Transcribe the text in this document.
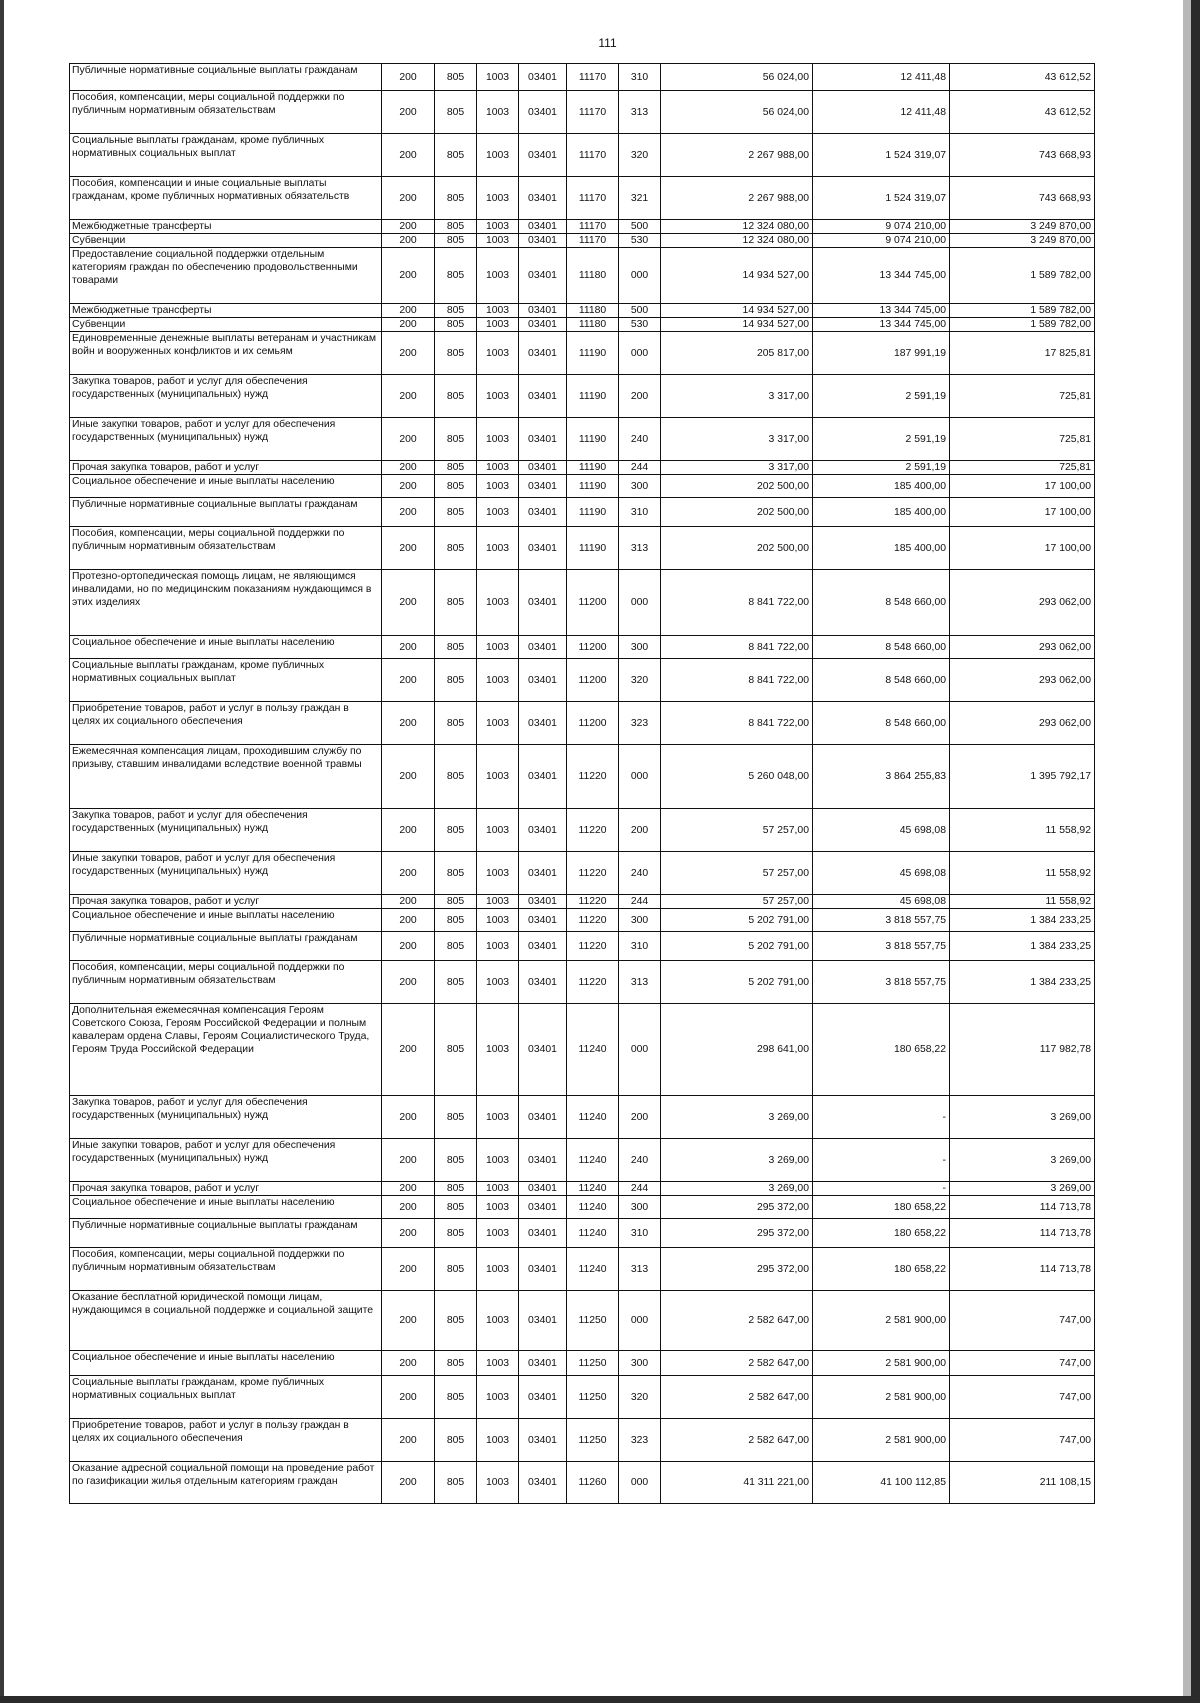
111
Публичные нормативные социальные выплаты гражданам	200	805	1003	03401	11170	310	56 024,00	12 411,48	43 612,52
Пособия, компенсации, меры социальной поддержки по публичным нормативным обязательствам	200	805	1003	03401	11170	313	56 024,00	12 411,48	43 612,52
Социальные выплаты гражданам, кроме публичных нормативных социальных выплат	200	805	1003	03401	11170	320	2 267 988,00	1 524 319,07	743 668,93
Пособия, компенсации и иные социальные выплаты гражданам, кроме публичных нормативных обязательств	200	805	1003	03401	11170	321	2 267 988,00	1 524 319,07	743 668,93
Межбюджетные трансферты	200	805	1003	03401	11170	500	12 324 080,00	9 074 210,00	3 249 870,00
Субвенции	200	805	1003	03401	11170	530	12 324 080,00	9 074 210,00	3 249 870,00
Предоставление социальной поддержки отдельным категориям граждан по обеспечению продовольственными товарами	200	805	1003	03401	11180	000	14 934 527,00	13 344 745,00	1 589 782,00
Межбюджетные трансферты	200	805	1003	03401	11180	500	14 934 527,00	13 344 745,00	1 589 782,00
Субвенции	200	805	1003	03401	11180	530	14 934 527,00	13 344 745,00	1 589 782,00
Единовременные денежные выплаты ветеранам и участникам войн и вооруженных конфликтов и их семьям	200	805	1003	03401	11190	000	205 817,00	187 991,19	17 825,81
Закупка товаров, работ и услуг для обеспечения государственных (муниципальных) нужд	200	805	1003	03401	11190	200	3 317,00	2 591,19	725,81
Иные закупки товаров, работ и услуг для обеспечения государственных (муниципальных) нужд	200	805	1003	03401	11190	240	3 317,00	2 591,19	725,81
Прочая закупка товаров, работ и услуг	200	805	1003	03401	11190	244	3 317,00	2 591,19	725,81
Социальное обеспечение и иные выплаты населению	200	805	1003	03401	11190	300	202 500,00	185 400,00	17 100,00
Публичные нормативные социальные выплаты гражданам	200	805	1003	03401	11190	310	202 500,00	185 400,00	17 100,00
Пособия, компенсации, меры социальной поддержки по публичным нормативным обязательствам	200	805	1003	03401	11190	313	202 500,00	185 400,00	17 100,00
Протезно-ортопедическая помощь лицам, не являющимся инвалидами, но по медицинским показаниям нуждающимся в этих изделиях	200	805	1003	03401	11200	000	8 841 722,00	8 548 660,00	293 062,00
Социальное обеспечение и иные выплаты населению	200	805	1003	03401	11200	300	8 841 722,00	8 548 660,00	293 062,00
Социальные выплаты гражданам, кроме публичных нормативных социальных выплат	200	805	1003	03401	11200	320	8 841 722,00	8 548 660,00	293 062,00
Приобретение товаров, работ и услуг в пользу граждан в целях их социального обеспечения	200	805	1003	03401	11200	323	8 841 722,00	8 548 660,00	293 062,00
Ежемесячная компенсация лицам, проходившим службу по призыву, ставшим инвалидами вследствие военной травмы	200	805	1003	03401	11220	000	5 260 048,00	3 864 255,83	1 395 792,17
Закупка товаров, работ и услуг для обеспечения государственных (муниципальных) нужд	200	805	1003	03401	11220	200	57 257,00	45 698,08	11 558,92
Иные закупки товаров, работ и услуг для обеспечения государственных (муниципальных) нужд	200	805	1003	03401	11220	240	57 257,00	45 698,08	11 558,92
Прочая закупка товаров, работ и услуг	200	805	1003	03401	11220	244	57 257,00	45 698,08	11 558,92
Социальное обеспечение и иные выплаты населению	200	805	1003	03401	11220	300	5 202 791,00	3 818 557,75	1 384 233,25
Публичные нормативные социальные выплаты гражданам	200	805	1003	03401	11220	310	5 202 791,00	3 818 557,75	1 384 233,25
Пособия, компенсации, меры социальной поддержки по публичным нормативным обязательствам	200	805	1003	03401	11220	313	5 202 791,00	3 818 557,75	1 384 233,25
Дополнительная ежемесячная компенсация Героям Советского Союза, Героям Российской Федерации и полным кавалерам ордена Славы, Героям Социалистического Труда, Героям Труда Российской Федерации	200	805	1003	03401	11240	000	298 641,00	180 658,22	117 982,78
Закупка товаров, работ и услуг для обеспечения государственных (муниципальных) нужд	200	805	1003	03401	11240	200	3 269,00	-	3 269,00
Иные закупки товаров, работ и услуг для обеспечения государственных (муниципальных) нужд	200	805	1003	03401	11240	240	3 269,00	-	3 269,00
Прочая закупка товаров, работ и услуг	200	805	1003	03401	11240	244	3 269,00	-	3 269,00
Социальное обеспечение и иные выплаты населению	200	805	1003	03401	11240	300	295 372,00	180 658,22	114 713,78
Публичные нормативные социальные выплаты гражданам	200	805	1003	03401	11240	310	295 372,00	180 658,22	114 713,78
Пособия, компенсации, меры социальной поддержки по публичным нормативным обязательствам	200	805	1003	03401	11240	313	295 372,00	180 658,22	114 713,78
Оказание бесплатной юридической помощи лицам, нуждающимся в социальной поддержке и социальной защите	200	805	1003	03401	11250	000	2 582 647,00	2 581 900,00	747,00
Социальное обеспечение и иные выплаты населению	200	805	1003	03401	11250	300	2 582 647,00	2 581 900,00	747,00
Социальные выплаты гражданам, кроме публичных нормативных социальных выплат	200	805	1003	03401	11250	320	2 582 647,00	2 581 900,00	747,00
Приобретение товаров, работ и услуг в пользу граждан в целях их социального обеспечения	200	805	1003	03401	11250	323	2 582 647,00	2 581 900,00	747,00
Оказание адресной социальной помощи на проведение работ по газификации жилья отдельным категориям граждан	200	805	1003	03401	11260	000	41 311 221,00	41 100 112,85	211 108,15
